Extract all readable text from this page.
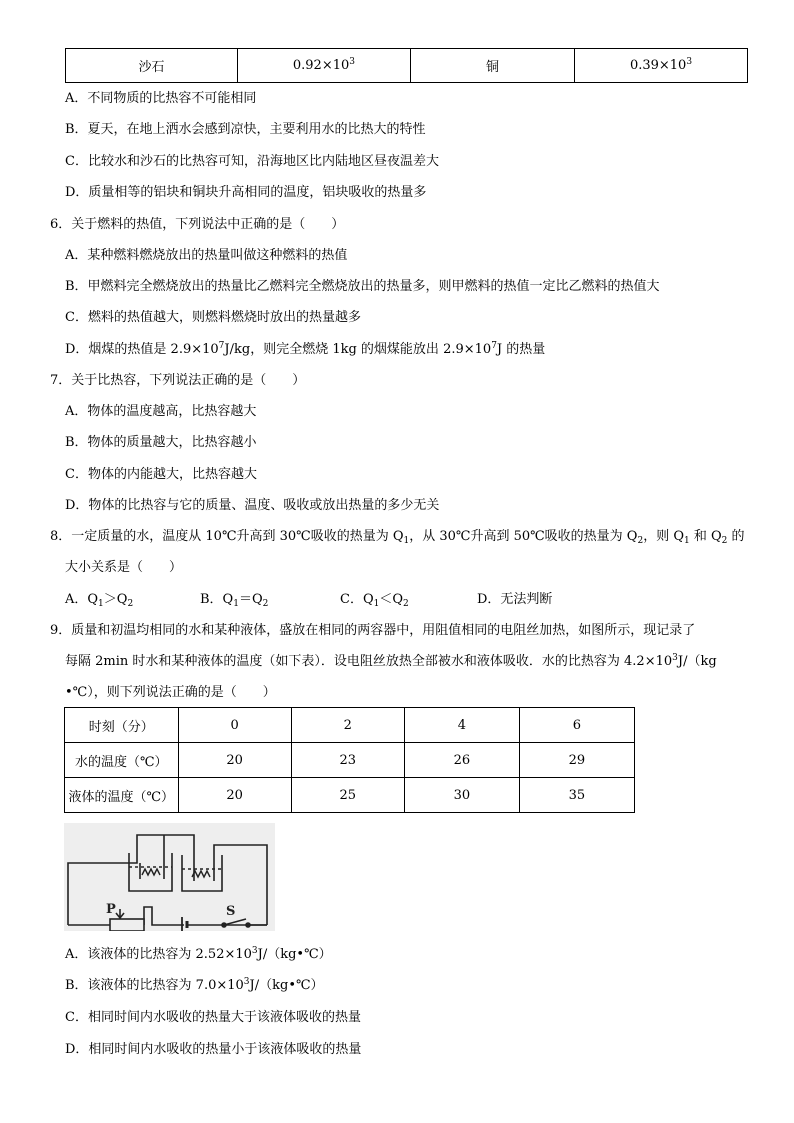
沙石	$0.92\times 10^3$	铜	$0.39\times 10^3$
A．不同物质的比热容不可能相同
B．夏天，在地上洒水会感到凉快，主要利用水的比热大的特性
C．比较水和沙石的比热容可知，沿海地区比内陆地区昼夜温差大
D．质量相等的铝块和铜块升高相同的温度，铝块吸收的热量多
6．关于燃料的热值，下列说法中正确的是（　　）
A．某种燃料燃烧放出的热量叫做这种燃料的热值
B．甲燃料完全燃烧放出的热量比乙燃料完全燃烧放出的热量多，则甲燃料的热值一定比乙燃料的热值大
C．燃料的热值越大，则燃料燃烧时放出的热量越多
D．烟煤的热值是 $2.9\times 10^7J/kg$，则完全燃烧 1kg 的烟煤能放出 $2.9\times 10^7J$ 的热量
7．关于比热容，下列说法正确的是（　　）
A．物体的温度越高，比热容越大
B．物体的质量越大，比热容越小
C．物体的内能越大，比热容越大
D．物体的比热容与它的质量、温度、吸收或放出热量的多少无关
8．一定质量的水，温度从 10℃升高到 30℃吸收的热量为 $Q_1$，从 30℃升高到 50℃吸收的热量为 $Q_2$，则 $Q_1$ 和 $Q_2$ 的
大小关系是（　　）
A．$Q_1>Q_2$	B．$Q_1=Q_2$	C．$Q_1<Q_2$	D．无法判断
9．质量和初温均相同的水和某种液体，盛放在相同的两容器中，用阻值相同的电阻丝加热，如图所示，现记录了
每隔 2min 时水和某种液体的温度（如下表）．设电阻丝放热全部被水和液体吸收．水的比热容为 $4.2\times 10^3J/(kg$
•℃），则下列说法正确的是（　　）
时刻（分）	0	2	4	6
水的温度（℃）	20	23	26	29
液体的温度（℃）	20	25	30	35
P	S
A．该液体的比热容为 $2.52\times 10^3J/(kg•℃)$
B．该液体的比热容为 $7.0\times 10^3J/(kg•℃)$
C．相同时间内水吸收的热量大于该液体吸收的热量
D．相同时间内水吸收的热量小于该液体吸收的热量
